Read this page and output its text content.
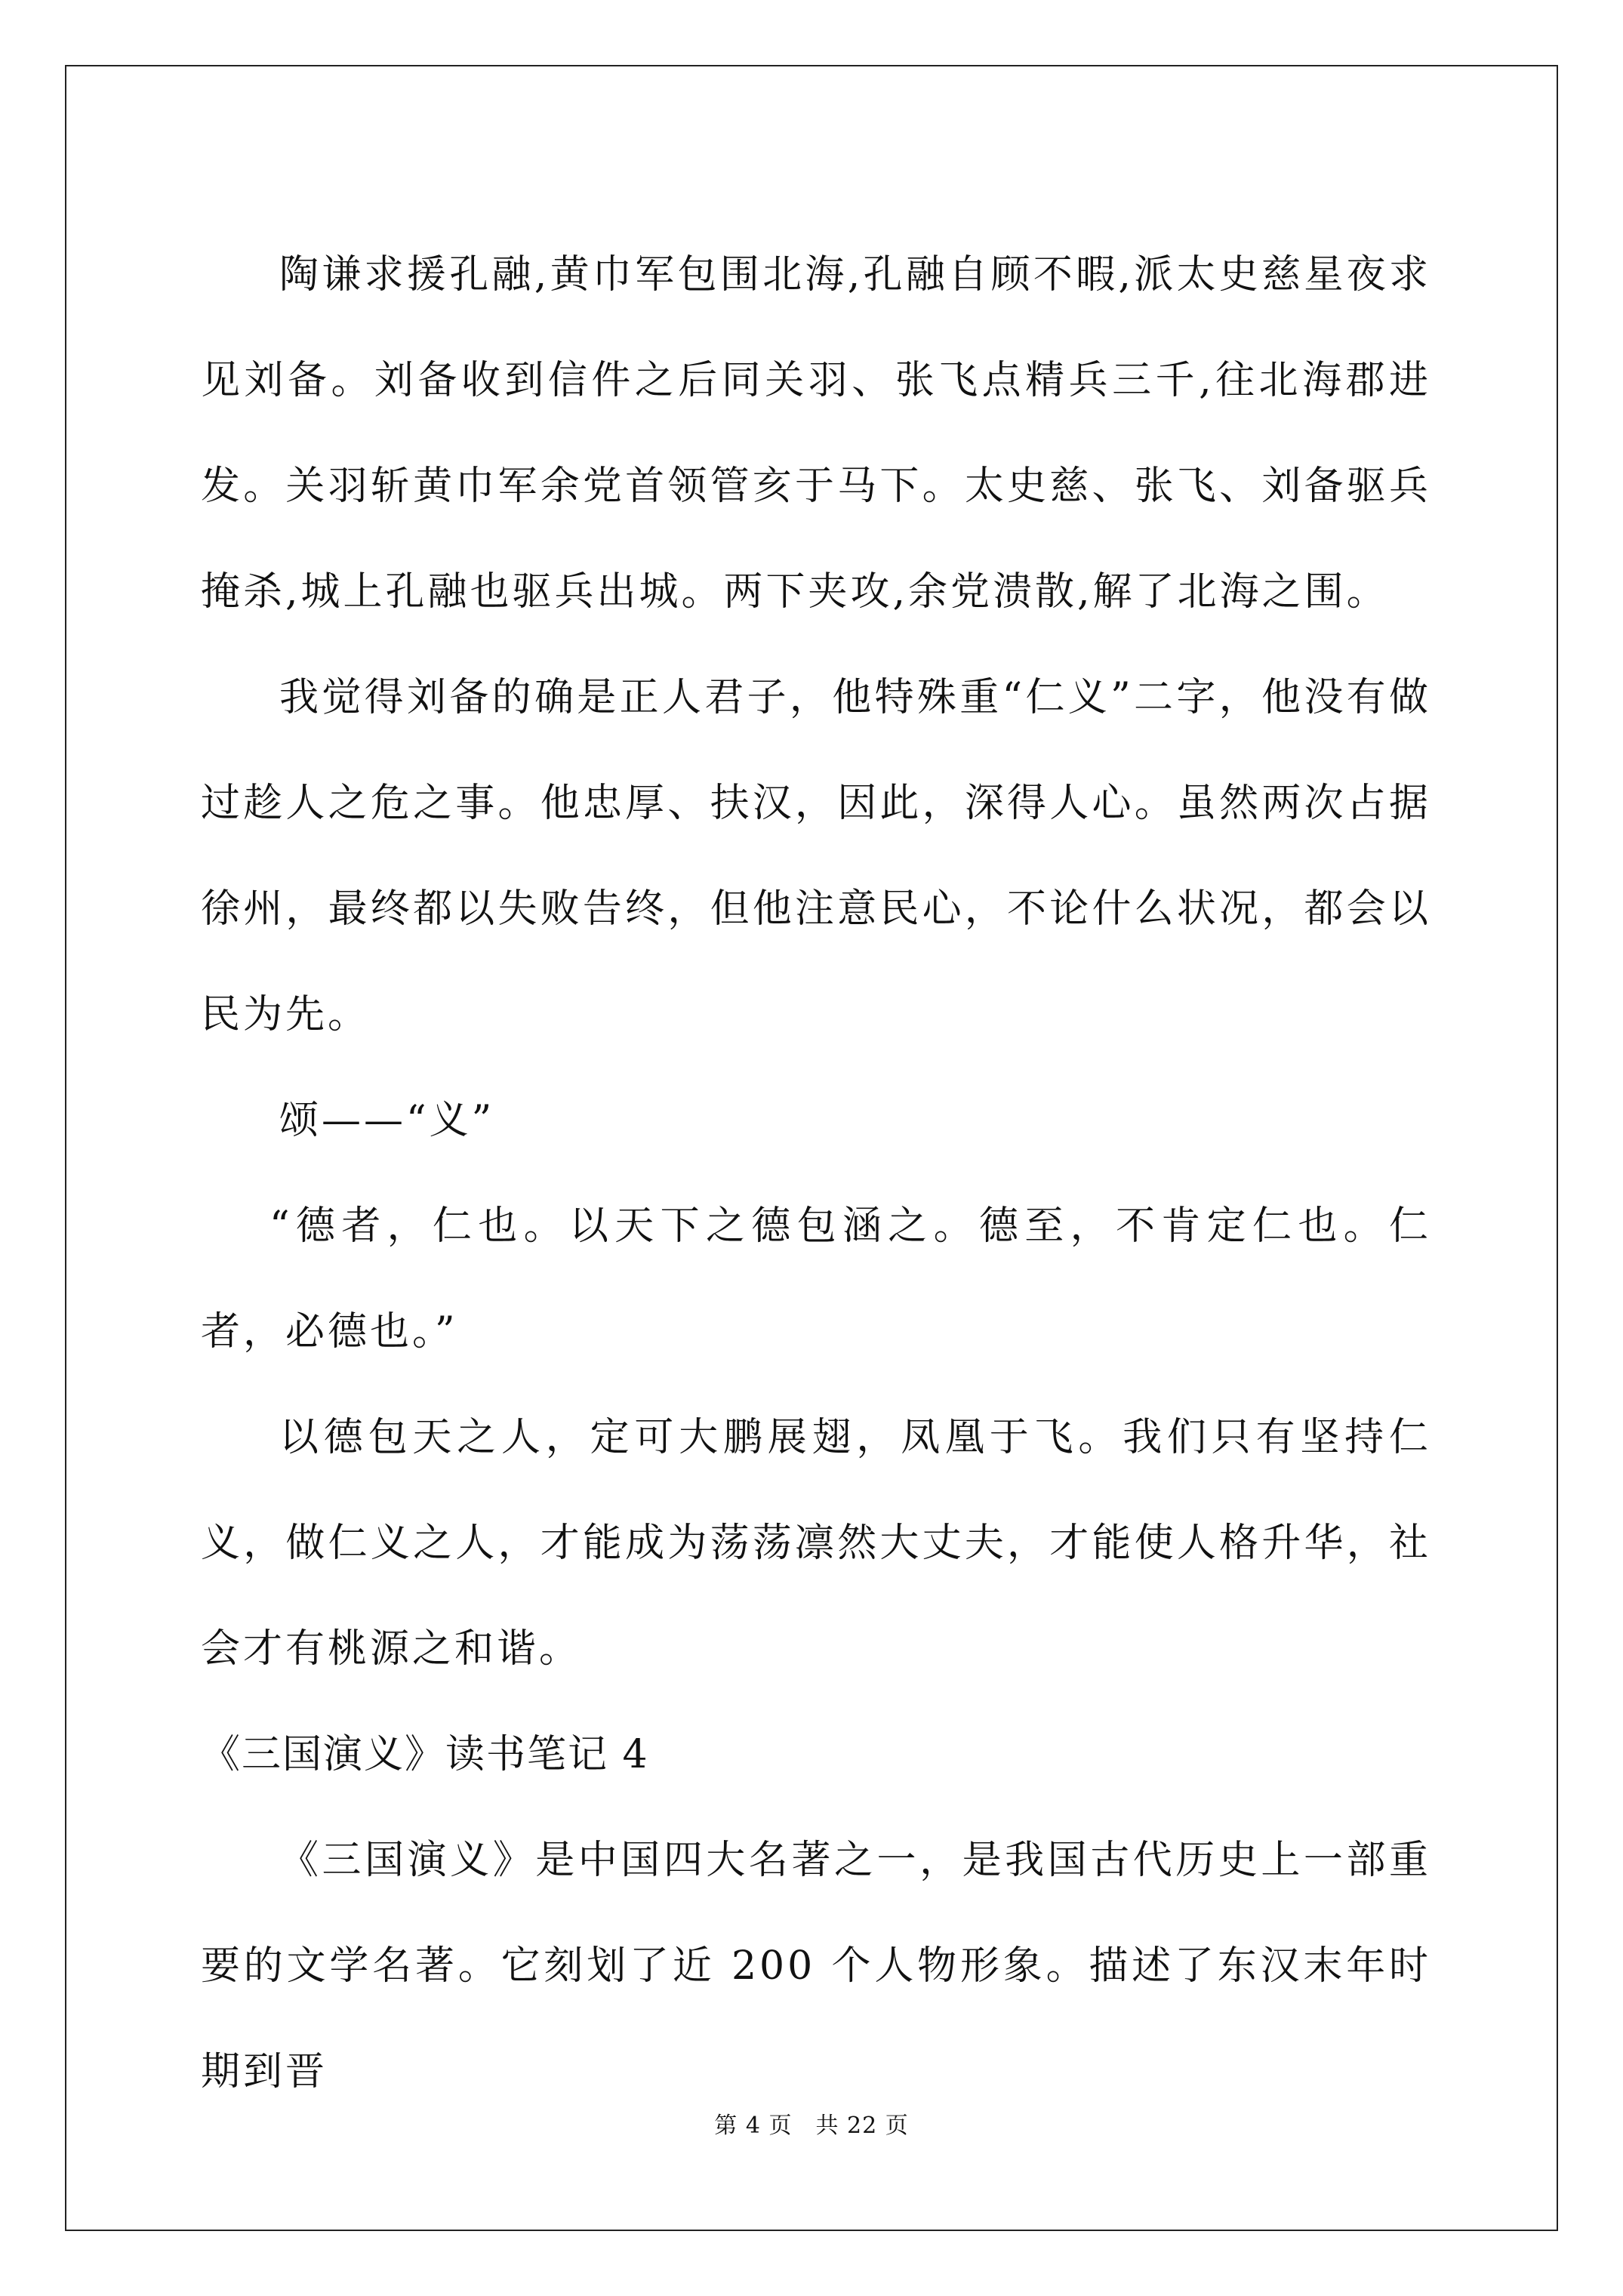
陶谦求援孔融,黄巾军包围北海,孔融自顾不暇,派太史慈星夜求见刘备。刘备收到信件之后同关羽、张飞点精兵三千,往北海郡进发。关羽斩黄巾军余党首领管亥于马下。太史慈、张飞、刘备驱兵掩杀,城上孔融也驱兵出城。两下夹攻,余党溃散,解了北海之围。

我觉得刘备的确是正人君子，他特殊重“仁义”二字，他没有做过趁人之危之事。他忠厚、扶汉，因此，深得人心。虽然两次占据徐州，最终都以失败告终，但他注意民心，不论什么状况，都会以民为先。

颂——“义”

“德者，仁也。以天下之德包涵之。德至，不肯定仁也。仁者，必德也。”

以德包天之人，定可大鹏展翅，凤凰于飞。我们只有坚持仁义，做仁义之人，才能成为荡荡凛然大丈夫，才能使人格升华，社会才有桃源之和谐。

《三国演义》读书笔记 4

《三国演义》是中国四大名著之一，是我国古代历史上一部重要的文学名著。它刻划了近 200 个人物形象。描述了东汉末年时期到晋

第 4 页　共 22 页
